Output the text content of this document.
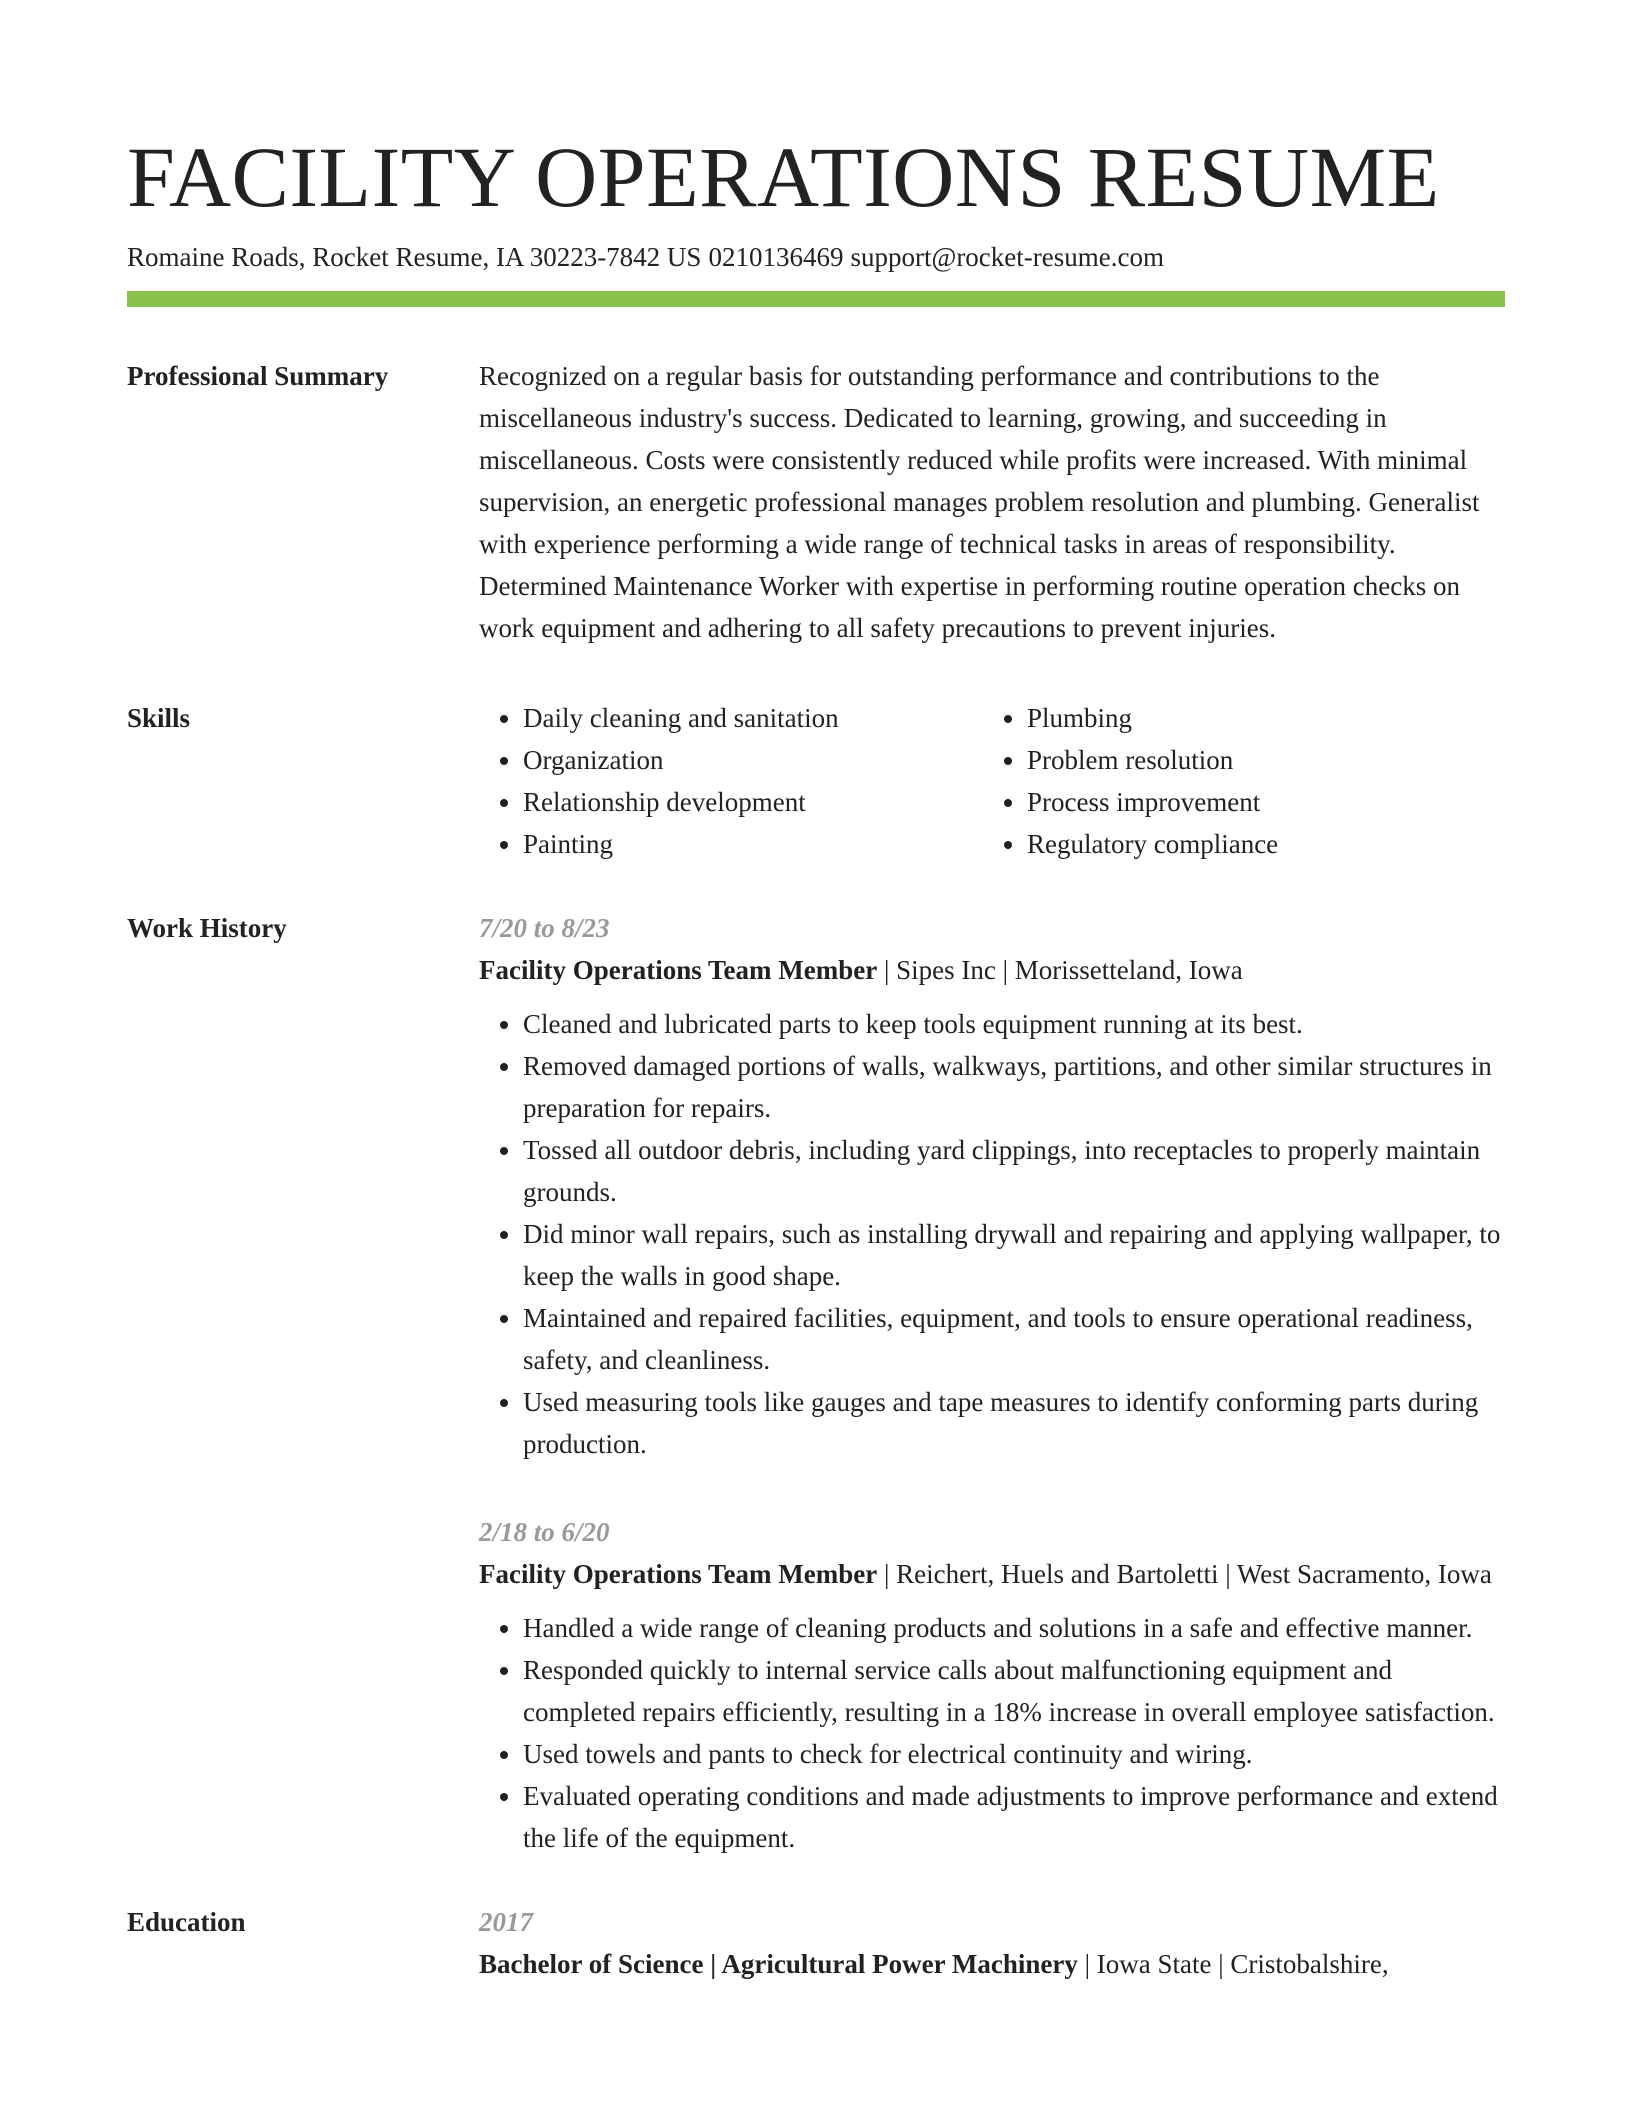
FACILITY OPERATIONS RESUME
Romaine Roads, Rocket Resume, IA 30223-7842 US 0210136469 support@rocket-resume.com
Professional Summary	Recognized on a regular basis for outstanding performance and contributions to the miscellaneous industry's success. Dedicated to learning, growing, and succeeding in miscellaneous. Costs were consistently reduced while profits were increased. With minimal supervision, an energetic professional manages problem resolution and plumbing. Generalist with experience performing a wide range of technical tasks in areas of responsibility. Determined Maintenance Worker with expertise in performing routine operation checks on work equipment and adhering to all safety precautions to prevent injuries.

Skills
•	Daily cleaning and sanitation
• Organization
• Relationship development
• Painting
• Plumbing
• Problem resolution
• Process improvement
• Regulatory compliance
Work History	7/20 to 8/23
Facility Operations Team Member | Sipes Inc | Morissetteland, Iowa
• Cleaned and lubricated parts to keep tools equipment running at its best.
• Removed damaged portions of walls, walkways, partitions, and other similar structures in preparation for repairs.
• Tossed all outdoor debris, including yard clippings, into receptacles to properly maintain grounds.
• Did minor wall repairs, such as installing drywall and repairing and applying wallpaper, to keep the walls in good shape.
• Maintained and repaired facilities, equipment, and tools to ensure operational readiness, safety, and cleanliness.
• Used measuring tools like gauges and tape measures to identify conforming parts during production.
2/18 to 6/20
Facility Operations Team Member | Reichert, Huels and Bartoletti | West Sacramento, Iowa
• Handled a wide range of cleaning products and solutions in a safe and effective manner.
• Responded quickly to internal service calls about malfunctioning equipment and completed repairs efficiently, resulting in a 18% increase in overall employee satisfaction.
• Used towels and pants to check for electrical continuity and wiring.
• Evaluated operating conditions and made adjustments to improve performance and extend the life of the equipment.
Education	2017
Bachelor of Science | Agricultural Power Machinery | Iowa State | Cristobalshire,
